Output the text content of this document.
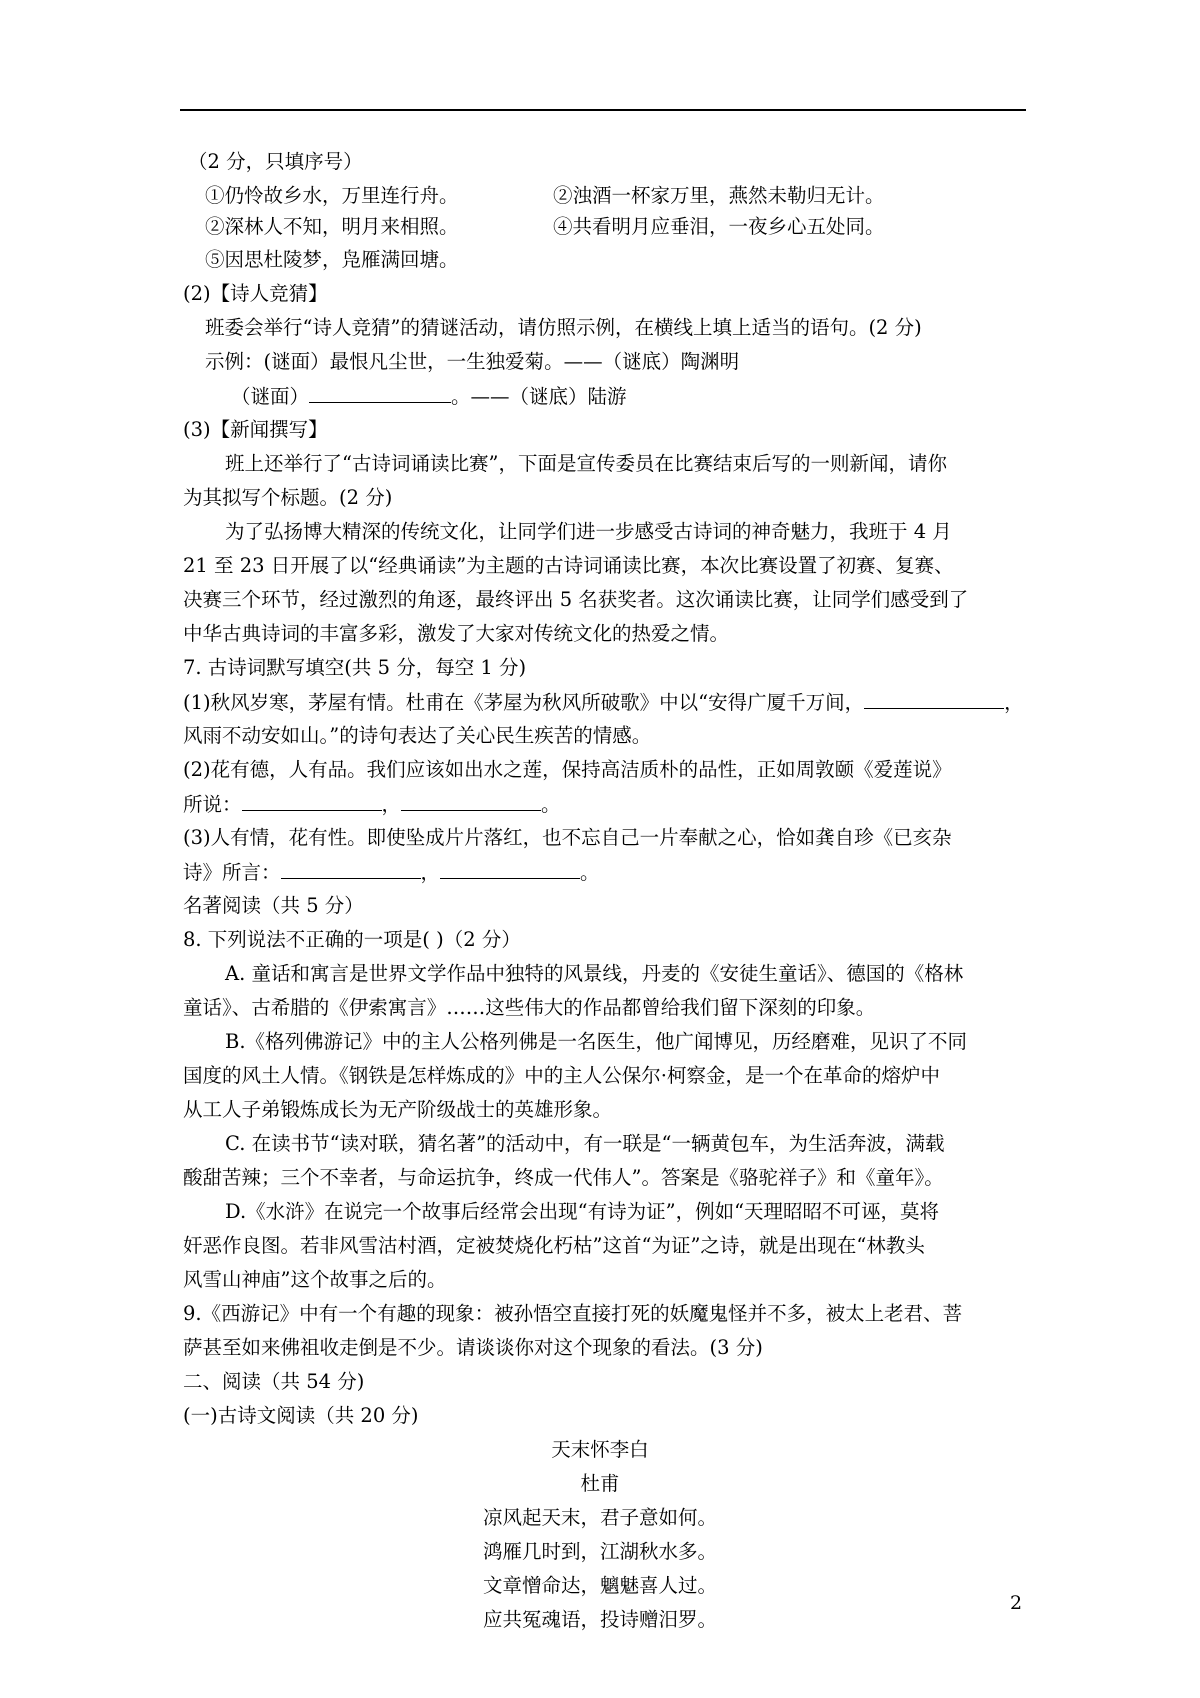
（2 分，只填序号）
①仍怜故乡水，万里连行舟。	②浊酒一杯家万里，燕然未勒归无计。
②深林人不知，明月来相照。	④共看明月应垂泪，一夜乡心五处同。
⑤因思杜陵梦，凫雁满回塘。
(2)【诗人竞猜】
班委会举行“诗人竞猜”的猜谜活动，请仿照示例，在横线上填上适当的语句。(2 分)
示例：(谜面）最恨凡尘世，一生独爱菊。——（谜底）陶渊明
（谜面）	。——（谜底）陆游
(3)【新闻撰写】
班上还举行了“古诗词诵读比赛”，下面是宣传委员在比赛结束后写的一则新闻，请你
为其拟写个标题。(2 分)
为了弘扬博大精深的传统文化，让同学们进一步感受古诗词的神奇魅力，我班于 4 月
21 至 23 日开展了以“经典诵读”为主题的古诗词诵读比赛，本次比赛设置了初赛、复赛、
决赛三个环节，经过激烈的角逐，最终评出 5 名获奖者。这次诵读比赛，让同学们感受到了
中华古典诗词的丰富多彩，激发了大家对传统文化的热爱之情。
7. 古诗词默写填空(共 5 分，每空 1 分)
(1)秋风岁寒，茅屋有情。杜甫在《茅屋为秋风所破歌》中以“安得广厦千万间，	，
风雨不动安如山。”的诗句表达了关心民生疾苦的情感。
(2)花有德，人有品。我们应该如出水之莲，保持高洁质朴的品性，正如周敦颐《爱莲说》
所说：	，	。
(3)人有情，花有性。即使坠成片片落红，也不忘自己一片奉献之心，恰如龚自珍《已亥杂
诗》所言：	，	。
名著阅读（共 5 分）
8. 下列说法不正确的一项是( )（2 分）
A. 童话和寓言是世界文学作品中独特的风景线，丹麦的《安徒生童话》、德国的《格林
童话》、古希腊的《伊索寓言》……这些伟大的作品都曾给我们留下深刻的印象。
B.《格列佛游记》中的主人公格列佛是一名医生，他广闻博见，历经磨难，见识了不同
国度的风土人情。《钢铁是怎样炼成的》中的主人公保尔·柯察金，是一个在革命的熔炉中
从工人子弟锻炼成长为无产阶级战士的英雄形象。
C. 在读书节“读对联，猜名著”的活动中，有一联是“一辆黄包车，为生活奔波，满载
酸甜苦辣；三个不幸者，与命运抗争，终成一代伟人”。答案是《骆驼祥子》和《童年》。
D.《水浒》在说完一个故事后经常会出现“有诗为证”，例如“天理昭昭不可诬，莫将
奸恶作良图。若非风雪沽村酒，定被焚烧化朽枯”这首“为证”之诗，就是出现在“林教头
风雪山神庙”这个故事之后的。
9.《西游记》中有一个有趣的现象：被孙悟空直接打死的妖魔鬼怪并不多，被太上老君、菩
萨甚至如来佛祖收走倒是不少。请谈谈你对这个现象的看法。(3 分)
二、阅读（共 54 分)
(一)古诗文阅读（共 20 分)
天末怀李白
杜甫
凉风起天末，君子意如何。
鸿雁几时到，江湖秋水多。
文章憎命达，魑魅喜人过。
应共冤魂语，投诗赠汨罗。
2
